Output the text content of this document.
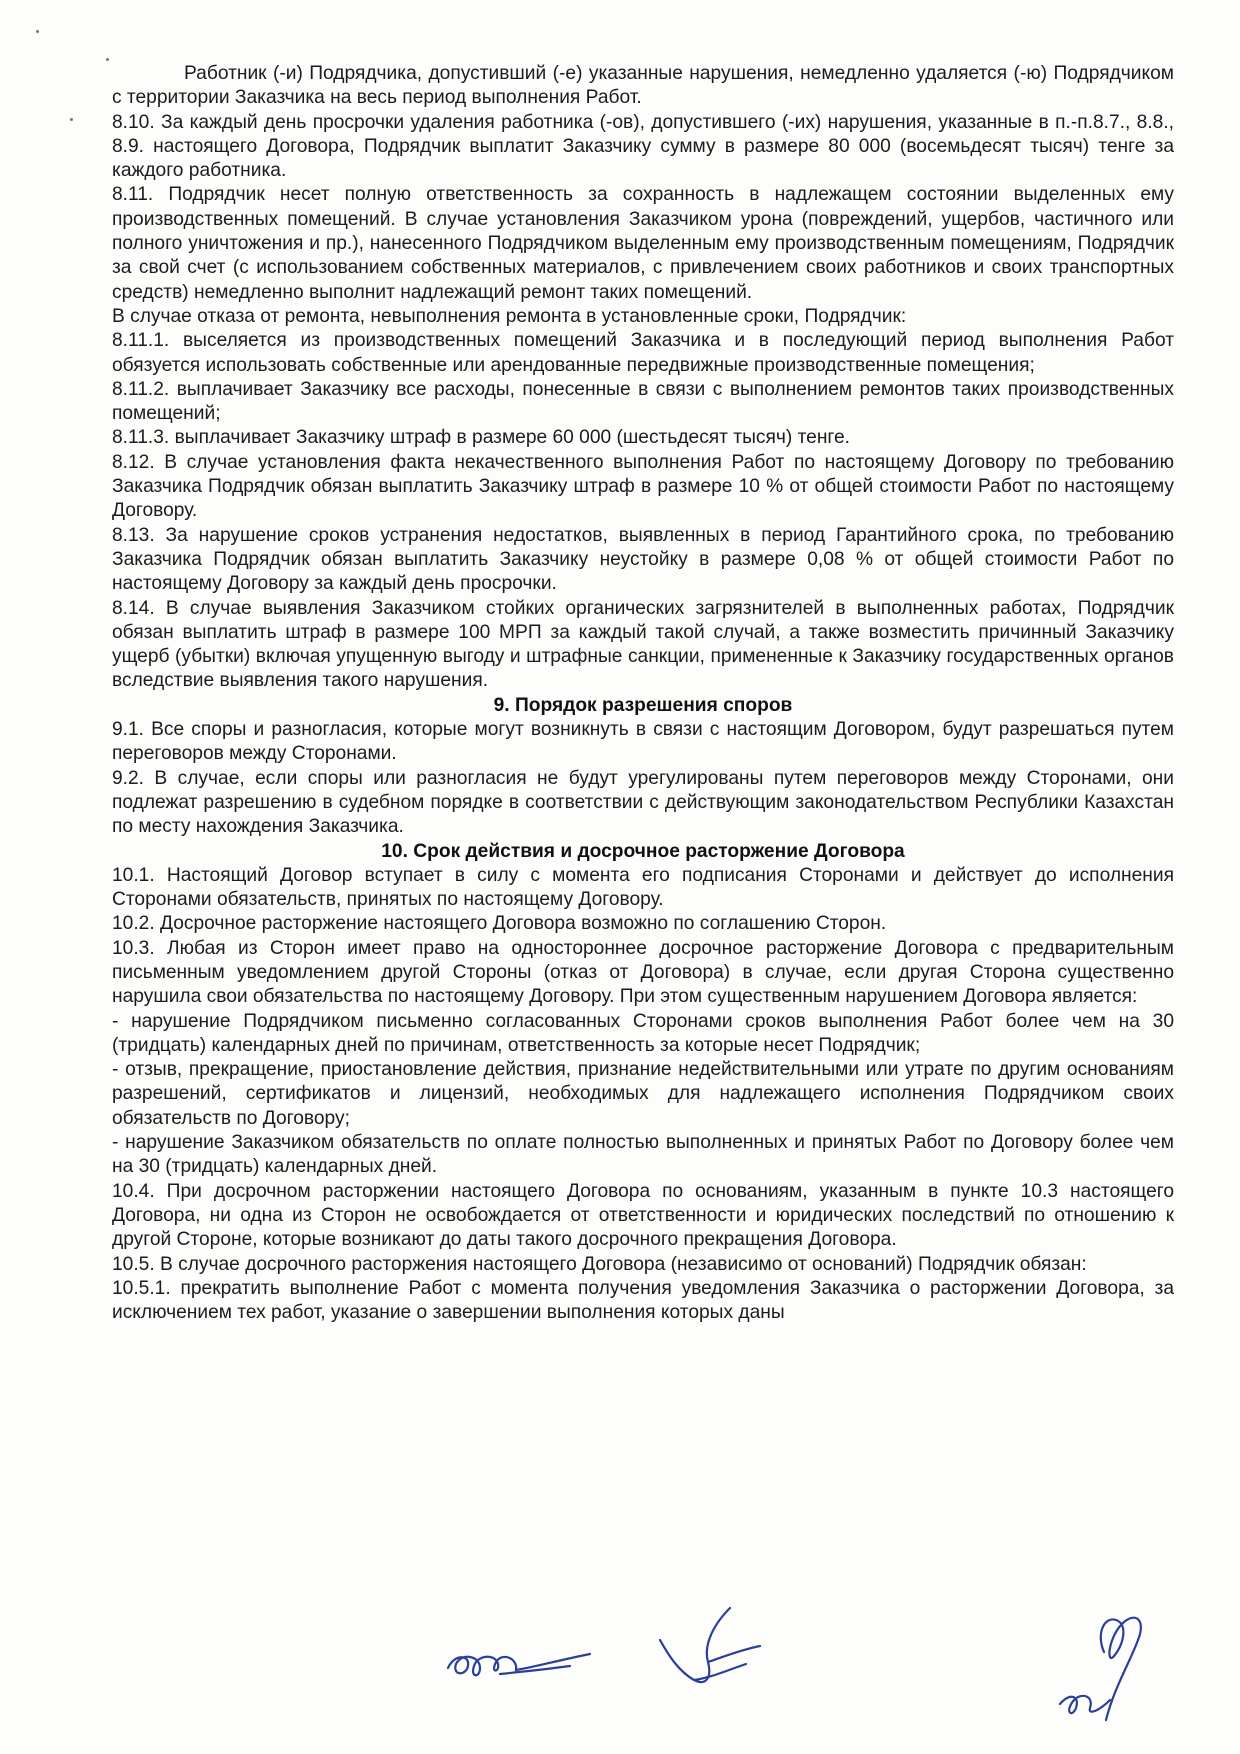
Работник (-и) Подрядчика, допустивший (-е) указанные нарушения, немедленно удаляется (-ю) Подрядчиком с территории Заказчика на весь период выполнения Работ.

8.10. За каждый день просрочки удаления работника (-ов), допустившего (-их) нарушения, указанные в п.-п.8.7., 8.8., 8.9. настоящего Договора, Подрядчик выплатит Заказчику сумму в размере 80 000 (восемьдесят тысяч) тенге за каждого работника.

8.11. Подрядчик несет полную ответственность за сохранность в надлежащем состоянии выделенных ему производственных помещений. В случае установления Заказчиком урона (повреждений, ущербов, частичного или полного уничтожения и пр.), нанесенного Подрядчиком выделенным ему производственным помещениям, Подрядчик за свой счет (с использованием собственных материалов, с привлечением своих работников и своих транспортных средств) немедленно выполнит надлежащий ремонт таких помещений.

В случае отказа от ремонта, невыполнения ремонта в установленные сроки, Подрядчик:

8.11.1. выселяется из производственных помещений Заказчика и в последующий период выполнения Работ обязуется использовать собственные или арендованные передвижные производственные помещения;

8.11.2. выплачивает Заказчику все расходы, понесенные в связи с выполнением ремонтов таких производственных помещений;

8.11.3. выплачивает Заказчику штраф в размере 60 000 (шестьдесят тысяч) тенге.

8.12. В случае установления факта некачественного выполнения Работ по настоящему Договору по требованию Заказчика Подрядчик обязан выплатить Заказчику штраф в размере 10 % от общей стоимости Работ по настоящему Договору.

8.13. За нарушение сроков устранения недостатков, выявленных в период Гарантийного срока, по требованию Заказчика Подрядчик обязан выплатить Заказчику неустойку в размере 0,08 % от общей стоимости Работ по настоящему Договору за каждый день просрочки.

8.14. В случае выявления Заказчиком стойких органических загрязнителей в выполненных работах, Подрядчик обязан выплатить штраф в размере 100 МРП за каждый такой случай, а также возместить причинный Заказчику ущерб (убытки) включая упущенную выгоду и штрафные санкции, примененные к Заказчику государственных органов вследствие выявления такого нарушения.

9. Порядок разрешения споров

9.1. Все споры и разногласия, которые могут возникнуть в связи с настоящим Договором, будут разрешаться путем переговоров между Сторонами.

9.2. В случае, если споры или разногласия не будут урегулированы путем переговоров между Сторонами, они подлежат разрешению в судебном порядке в соответствии с действующим законодательством Республики Казахстан по месту нахождения Заказчика.

10. Срок действия и досрочное расторжение Договора

10.1. Настоящий Договор вступает в силу с момента его подписания Сторонами и действует до исполнения Сторонами обязательств, принятых по настоящему Договору.

10.2. Досрочное расторжение настоящего Договора возможно по соглашению Сторон.

10.3. Любая из Сторон имеет право на одностороннее досрочное расторжение Договора с предварительным письменным уведомлением другой Стороны (отказ от Договора) в случае, если другая Сторона существенно нарушила свои обязательства по настоящему Договору. При этом существенным нарушением Договора является:

- нарушение Подрядчиком письменно согласованных Сторонами сроков выполнения Работ более чем на 30 (тридцать) календарных дней по причинам, ответственность за которые несет Подрядчик;

- отзыв, прекращение, приостановление действия, признание недействительными или утрате по другим основаниям разрешений, сертификатов и лицензий, необходимых для надлежащего исполнения Подрядчиком своих обязательств по Договору;

- нарушение Заказчиком обязательств по оплате полностью выполненных и принятых Работ по Договору более чем на 30 (тридцать) календарных дней.

10.4. При досрочном расторжении настоящего Договора по основаниям, указанным в пункте 10.3 настоящего Договора, ни одна из Сторон не освобождается от ответственности и юридических последствий по отношению к другой Стороне, которые возникают до даты такого досрочного прекращения Договора.

10.5. В случае досрочного расторжения настоящего Договора (независимо от оснований) Подрядчик обязан:

10.5.1. прекратить выполнение Работ с момента получения уведомления Заказчика о расторжении Договора, за исключением тех работ, указание о завершении выполнения которых даны
